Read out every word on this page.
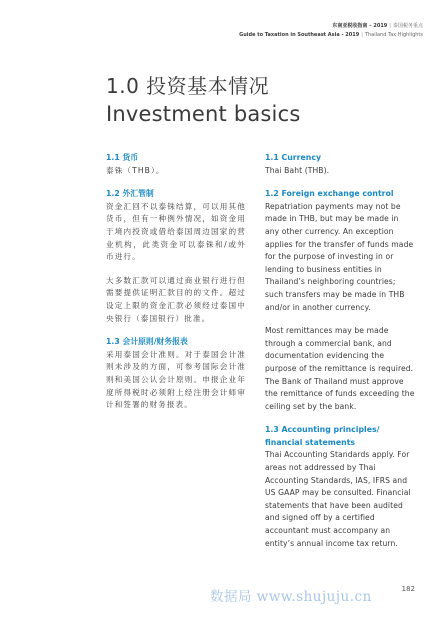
东南亚税收指南 – 2019 | 泰国税务重点
Guide to Taxation in Southeast Asia - 2019 | Thailand Tax Highlights
1.0 投资基本情况
Investment basics
1.1 货币
泰铢（THB）。
1.2 外汇管制
资金汇回不以泰铢结算，可以用其他货币，但有一种例外情况，如资金用于境内投资或借给泰国周边国家的营业机构，此类资金可以泰铢和/或外币进行。
大多数汇款可以通过商业银行进行但需要提供证明汇款目的的文件。超过设定上限的资金汇款必须经过泰国中央银行（泰国银行）批准。
1.3 会计原则/财务报表
采用泰国会计准则。对于泰国会计准则未涉及的方面，可参考国际会计准则和美国公认会计原则。申报企业年度所得税时必须附上经注册会计师审计和签署的财务报表。
1.1 Currency
Thai Baht (THB).
1.2 Foreign exchange control
Repatriation payments may not be made in THB, but may be made in any other currency. An exception applies for the transfer of funds made for the purpose of investing in or lending to business entities in Thailand’s neighboring countries; such transfers may be made in THB and/or in another currency.
Most remittances may be made through a commercial bank, and documentation evidencing the purpose of the remittance is required. The Bank of Thailand must approve the remittance of funds exceeding the ceiling set by the bank.
1.3 Accounting principles/ financial statements
Thai Accounting Standards apply. For areas not addressed by Thai Accounting Standards, IAS, IFRS and US GAAP may be consulted. Financial statements that have been audited and signed off by a certified accountant must accompany an entity’s annual income tax return.
数据局 www.shujuju.cn	182
